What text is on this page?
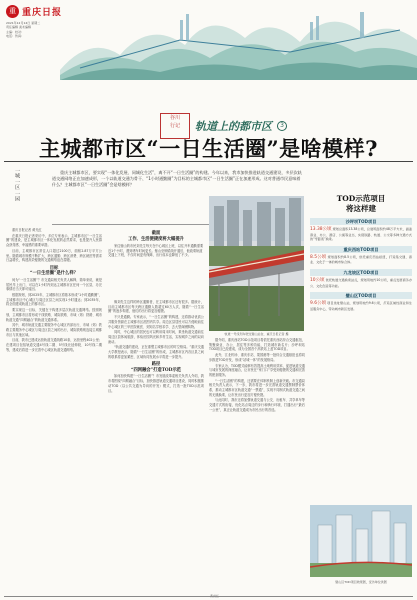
重 重庆日报
2021年12月14日 星期二
责任编辑 美术编辑
主编：校对：
电话：传真：
谷川
行记	轨道上的都市区	3
主城都市区“一日生活圈”是啥模样?
一城 一区 一园	重庆主城都市区，要实现“一体化发展、同城化生活”，离不开“一日生活圈”的构建。今年以来，我市加快推进轨道交通建设，多层次轨道交通网络正在加速成形，一个以轨道交通为骨干、“1小时通勤圈”为目标的主城都市区“一日生活圈”正在加速形成。这对普通市民意味着什么？主城都市区“一日生活圈”会是啥模样？

重庆日报记者 黄光红

在重庆日报记者采访中，多位专家表示，主城都市区“一日生活圈”的建设，是主城都市区一体化发展的必然要求，也是提升人民群众获得感、幸福感的重要举措。

目前，主城都市区常住人口超过2100万，面积2.87万平方公里。随着城市规模不断扩大，跨区通勤、跨区消费、跨区就医等需求日益增长，构建高效便捷的交通网络迫在眉睫。

目标
“一日生活圈”是什么样？

何为“一日生活圈”？市交通局相关负责人解释，简单来说，就是居民早上出门，可以在1小时内到达主城都市区任何一个区县，办完事情后当天即可返回。

根据规划，到2025年，主城都市区将基本形成“1小时通勤圈”，主城都市区中心城区与周边区县之间实现1小时通达；到2035年，将全面建成轨道上的都市区。

要实现这一目标，关键在于构建多层次轨道交通网络。按照规划，主城都市区将形成干线铁路、城际铁路、市域（郊）铁路、城市轨道交通“四网融合”的轨道交通体系。

其中，城市轨道交通主要服务中心城区内部出行，市域（郊）铁路主要服务中心城区与周边区县之间的出行，城际铁路则连接主城都市区与其他区域。

目前，我市已建成运营轨道交通线路10条，运营里程402公里；在建项目包括轨道交通4号线二期、5号线北延伸段、10号线二期等，建成后将进一步完善中心城区轨道交通网络。

截面
工作、生活便捷度将大幅提升

家住璧山的市民刘先生每天在中心城区上班，以往开车通勤需要近1个小时，遇到堵车时间更长。璧山至铜梁线开通后，他改乘轨道交通上下班，不仅时间更有保障，出行成本也降低了不少。

像刘先生这样的跨区通勤者，在主城都市区还有很多。据统计，目前主城都市区每天跨区通勤人数超过60万人次，随着“一日生活圈”的逐步构建，他们的出行将更加便捷。

不只是通勤。专家表示，“一日生活圈”的构建，还将推动优质公共服务资源在主城都市区范围内共享。周边区县居民可以方便地前往中心城区的三甲医院就医、到知名学校求学、去大型商圈购物。

同时，中心城区的居民也可以利用周末时间，乘坐轨道交通前往周边区县休闲旅游，体验田园风光和乡村生活，实现城乡之间的双向流动。

“轨道交通的建设，正在重塑主城都市区的时空格局。”重庆交通大学教授表示，随着“一日生活圈”的形成，主城都市区内各区县之间的联系将更加紧密，区域协同发展水平将进一步提升。

路径
“四网融合”打造TOD示范

如何加快构建“一日生活圈”？市发展改革委相关负责人介绍，我市将围绕“四网融合”目标，加快推进轨道交通项目建设，同时积极推动TOD（以公共交通为导向的开发）模式，打造一批TOD示范项目。

轨道一号线列车驶过璧山站台，重庆日报记者 摄

据介绍，重庆西站TOD示范项目将依托重庆西站综合交通枢纽，集聚商业、办公、居住等多种功能，打造城市新名片；沙坪坝站TOD项目已经建成，成为全国首个高铁站上盖TOD项目。

此外，江北机场、重庆东站、果园港等一批综合交通枢纽也将同步推进TOD开发，形成“站城一体”的发展格局。

专家认为，TOD模式能够有效提高土地利用效率，促进轨道交通与城市发展的深度融合，让市民在“家门口”享受到便捷的交通和完善的配套服务。

“一日生活圈”的构建，还需要在体制机制上创新突破。市交通局相关负责人表示，下一步，我市将进一步完善轨道交通票制票价体系，推动主城都市区轨道交通“一票通”，实现不同制式轨道交通之间的无缝换乘，让市民出行更加方便快捷。

与此同时，我市还将加强轨道交通与公交、出租车、共享单车等交通方式的衔接，优化站点周边的步行和骑行环境，打通出行“最后一公里”，真正让轨道交通成为市民出行的首选。

TOD示范项目
将这样建
沙坪坝TOD项目
13.38公顷 规划总面积13.38公顷，总建筑面积约48万平方米，涵盖商业、办公、酒店、公寓等业态，实现铁路、轨道、公交等多种交通方式的“零距离”换乘。
重庆西站TOD项目
8.5公顷 规划面积约8.5公顷，依托重庆西站枢纽，打造集交通、商业、文化于一体的城市综合体。
九龙坡区TOD项目
10公顷 依托轨道交通换乘站点，规划用地约10公顷，重点发展商务办公、文化创意等功能。
璧山区TOD项目
9.6公顷 项目选址璧山站，规划用地约9.6公顷，打造区域性商业和生活服务中心，带动城市新区发展。
璧山区TOD项目效果图，受访单位供图
